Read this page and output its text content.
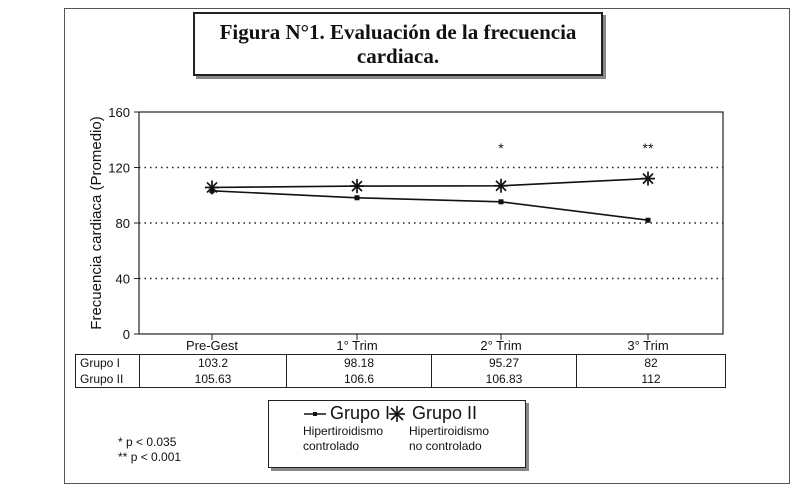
Figura N°1. Evaluación de la frecuencia cardiaca.
0
40
80
120
160
Pre-Gest	1° Trim	2° Trim	3° Trim
Frecuencia cardiaca (Promedio)	*	**
Grupo I	103.2	98.18	95.27	82
Grupo II	105.63	106.6	106.83	112
Grupo I
Hipertiroidismo
controlado
Grupo II
Hipertiroidismo
no controlado
* p < 0.035
** p < 0.001
